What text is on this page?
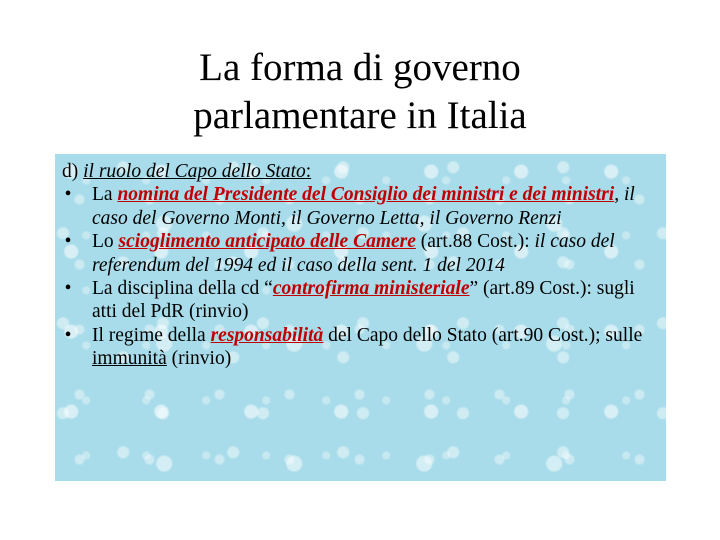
La forma di governo
parlamentare in Italia

d) il ruolo del Capo dello Stato:

• La nomina del Presidente del Consiglio dei ministri e dei ministri, il caso del Governo Monti, il Governo Letta, il Governo Renzi
• Lo scioglimento anticipato delle Camere (art.88 Cost.): il caso del referendum del 1994 ed il caso della sent. 1 del 2014
• La disciplina della cd “controfirma ministeriale” (art.89 Cost.): sugli atti del PdR (rinvio)
• Il regime della responsabilità del Capo dello Stato (art.90 Cost.); sulle immunità (rinvio)
